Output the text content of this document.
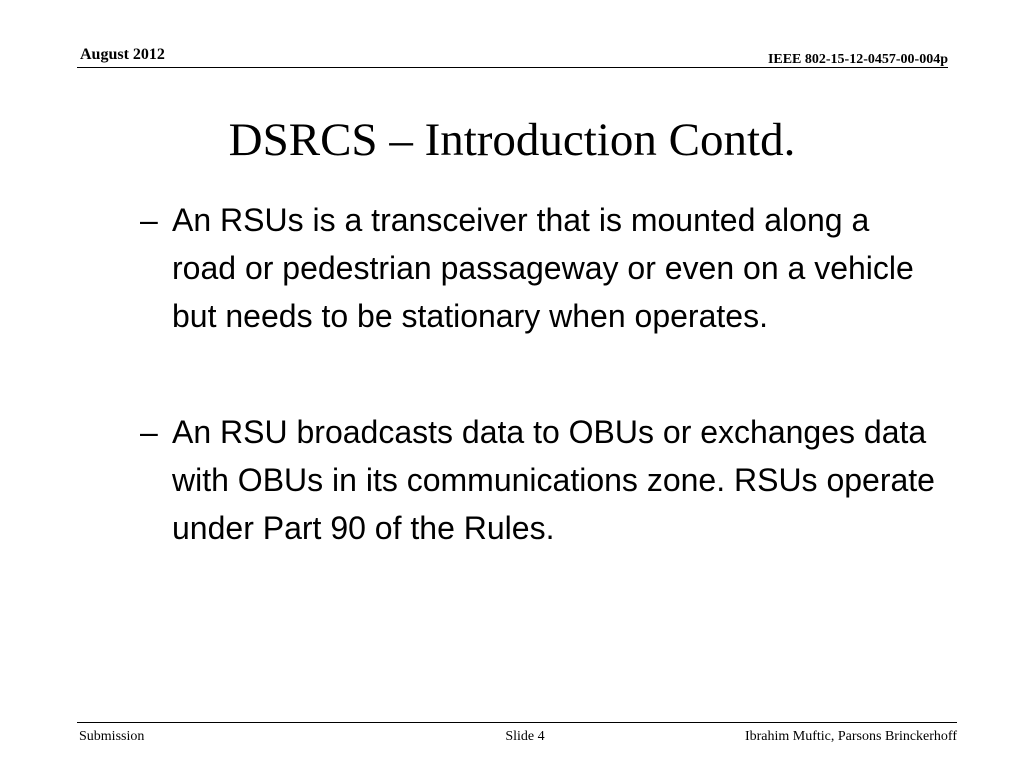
August 2012	IEEE 802-15-12-0457-00-004p
DSRCS – Introduction Contd.
– An RSUs is a transceiver that is mounted along a road or pedestrian passageway or even on a vehicle but needs to be stationary when operates.
– An RSU broadcasts data to OBUs or exchanges data with OBUs in its communications zone. RSUs operate under Part 90 of the Rules.
Submission	Slide 4	Ibrahim Muftic, Parsons Brinckerhoff
